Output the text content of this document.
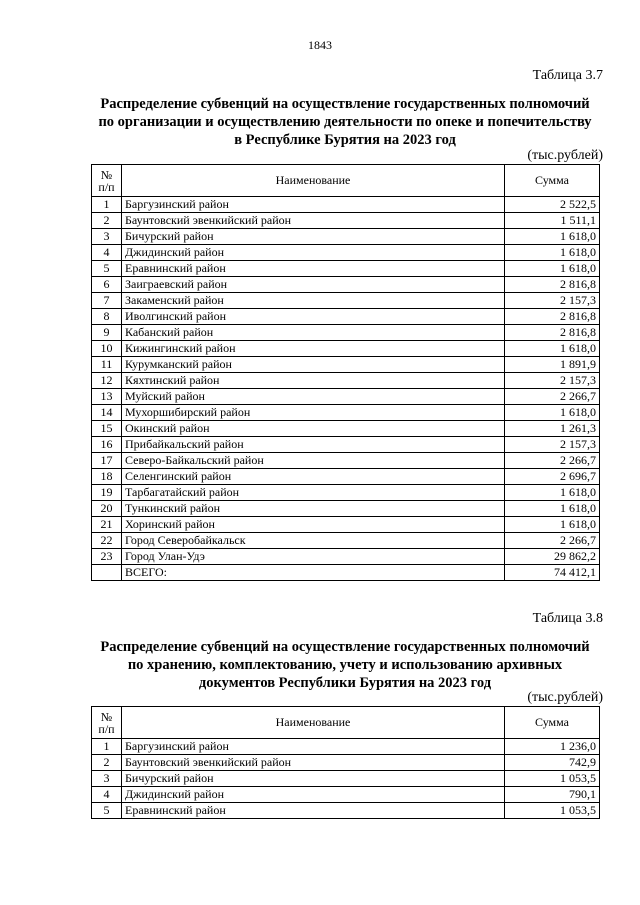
1843
Таблица 3.7
Распределение субвенций на осуществление государственных полномочий
по организации и осуществлению деятельности по опеке и попечительству
в Республике Бурятия на 2023 год
(тыс.рублей)
№
п/п	Наименование	Сумма
1	Баргузинский район	2 522,5
2	Баунтовский эвенкийский район	1 511,1
3	Бичурский район	1 618,0
4	Джидинский район	1 618,0
5	Еравнинский район	1 618,0
6	Заиграевский район	2 816,8
7	Закаменский район	2 157,3
8	Иволгинский район	2 816,8
9	Кабанский район	2 816,8
10	Кижингинский район	1 618,0
11	Курумканский район	1 891,9
12	Кяхтинский район	2 157,3
13	Муйский район	2 266,7
14	Мухоршибирский район	1 618,0
15	Окинский район	1 261,3
16	Прибайкальский район	2 157,3
17	Северо-Байкальский район	2 266,7
18	Селенгинский район	2 696,7
19	Тарбагатайский район	1 618,0
20	Тункинский район	1 618,0
21	Хоринский район	1 618,0
22	Город Северобайкальск	2 266,7
23	Город Улан-Удэ	29 862,2
	ВСЕГО:	74 412,1
Таблица 3.8
Распределение субвенций на осуществление государственных полномочий
по хранению, комплектованию, учету и использованию архивных
документов Республики Бурятия на 2023 год
(тыс.рублей)
№
п/п	Наименование	Сумма
1	Баргузинский район	1 236,0
2	Баунтовский эвенкийский район	742,9
3	Бичурский район	1 053,5
4	Джидинский район	790,1
5	Еравнинский район	1 053,5
